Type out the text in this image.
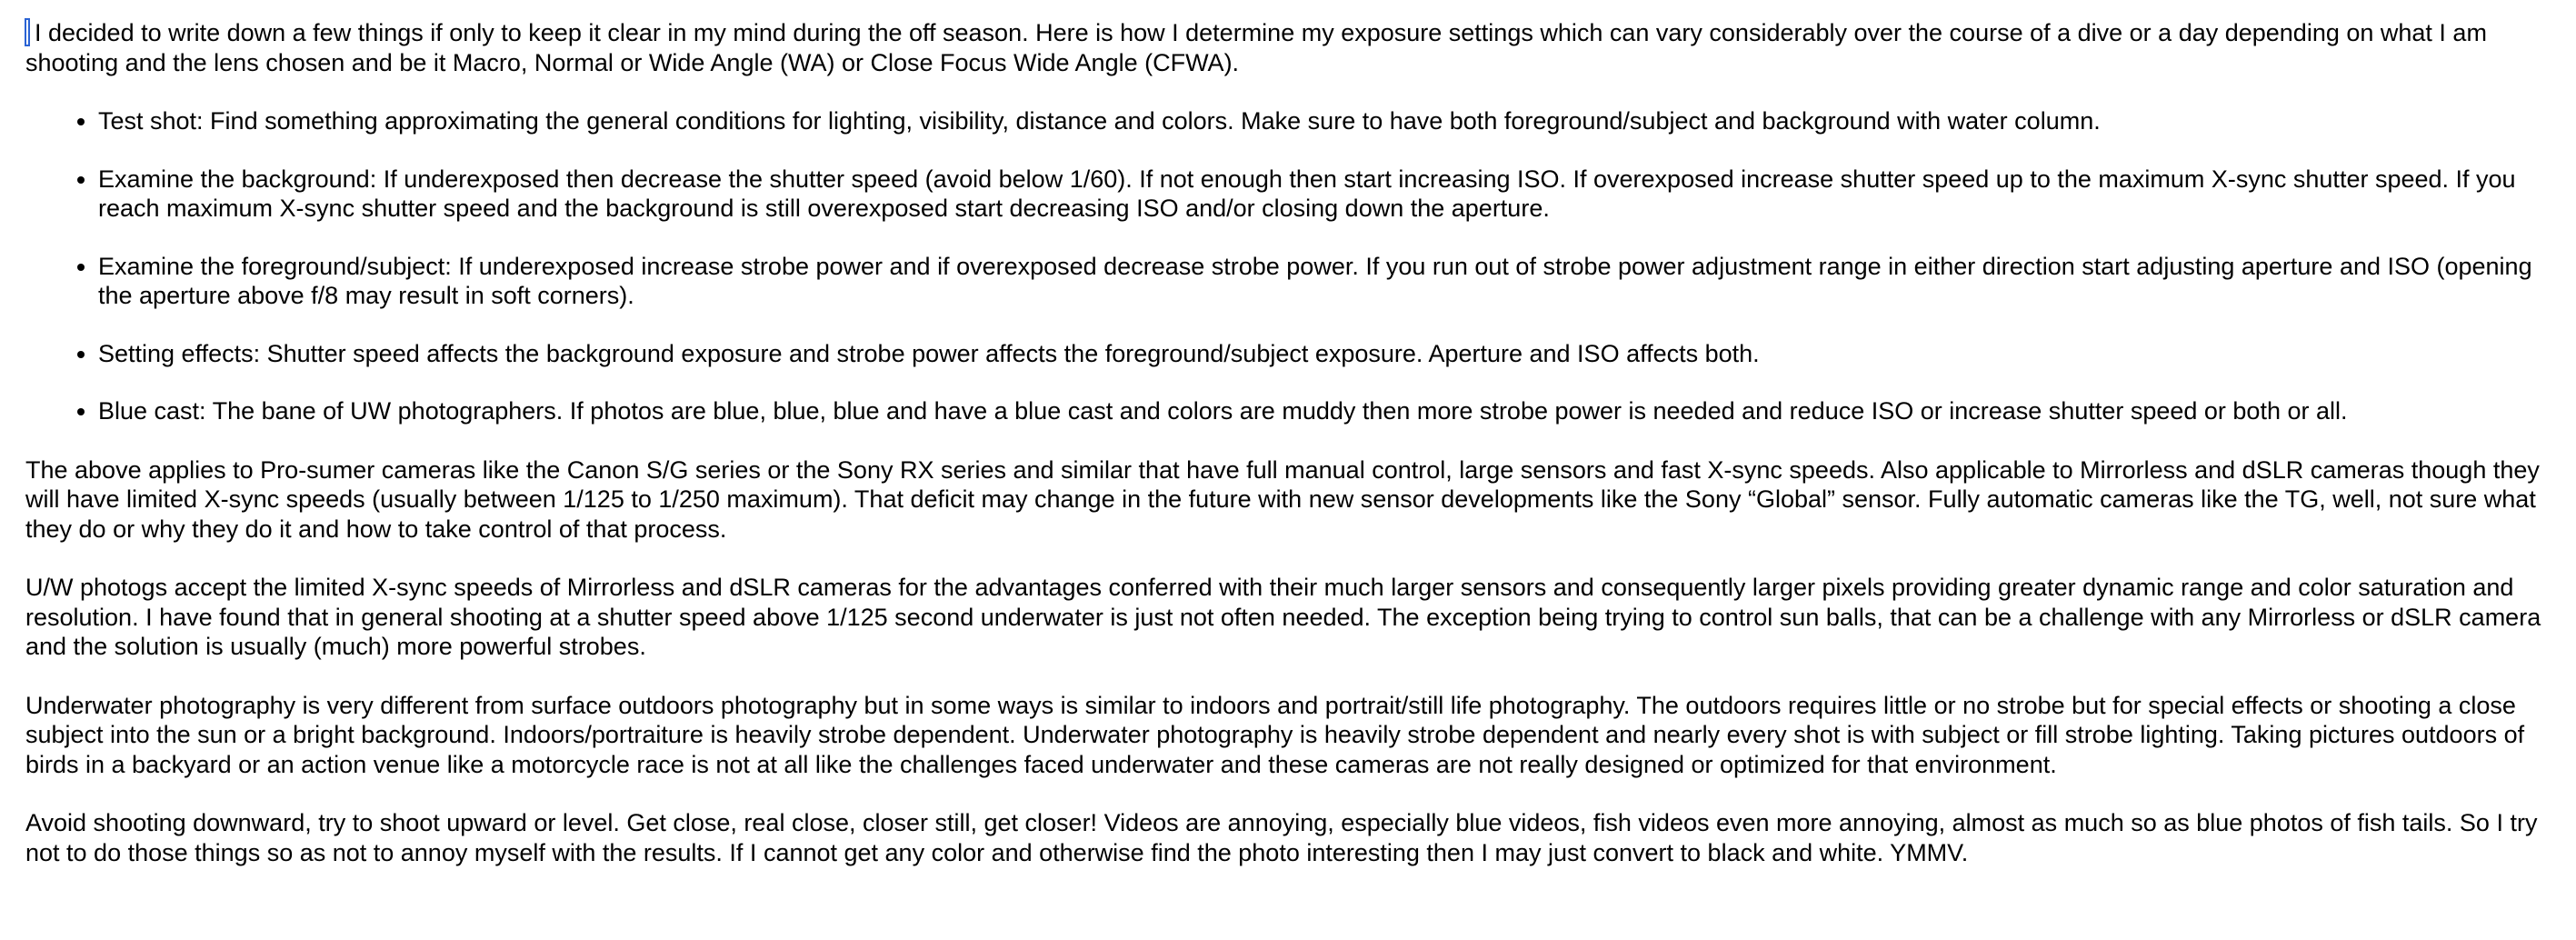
I decided to write down a few things if only to keep it clear in my mind during the off season. Here is how I determine my exposure settings which can vary considerably over the course of a dive or a day depending on what I am shooting and the lens chosen and be it Macro, Normal or Wide Angle (WA) or Close Focus Wide Angle (CFWA).

• Test shot: Find something approximating the general conditions for lighting, visibility, distance and colors. Make sure to have both foreground/subject and background with water column.
• Examine the background: If underexposed then decrease the shutter speed (avoid below 1/60). If not enough then start increasing ISO. If overexposed increase shutter speed up to the maximum X-sync shutter speed. If you reach maximum X-sync shutter speed and the background is still overexposed start decreasing ISO and/or closing down the aperture.
• Examine the foreground/subject: If underexposed increase strobe power and if overexposed decrease strobe power. If you run out of strobe power adjustment range in either direction start adjusting aperture and ISO (opening the aperture above f/8 may result in soft corners).
• Setting effects: Shutter speed affects the background exposure and strobe power affects the foreground/subject exposure. Aperture and ISO affects both.
• Blue cast: The bane of UW photographers. If photos are blue, blue, blue and have a blue cast and colors are muddy then more strobe power is needed and reduce ISO or increase shutter speed or both or all.

The above applies to Pro-sumer cameras like the Canon S/G series or the Sony RX series and similar that have full manual control, large sensors and fast X-sync speeds. Also applicable to Mirrorless and dSLR cameras though they will have limited X-sync speeds (usually between 1/125 to 1/250 maximum). That deficit may change in the future with new sensor developments like the Sony “Global” sensor. Fully automatic cameras like the TG, well, not sure what they do or why they do it and how to take control of that process.

U/W photogs accept the limited X-sync speeds of Mirrorless and dSLR cameras for the advantages conferred with their much larger sensors and consequently larger pixels providing greater dynamic range and color saturation and resolution. I have found that in general shooting at a shutter speed above 1/125 second underwater is just not often needed. The exception being trying to control sun balls, that can be a challenge with any Mirrorless or dSLR camera and the solution is usually (much) more powerful strobes.

Underwater photography is very different from surface outdoors photography but in some ways is similar to indoors and portrait/still life photography. The outdoors requires little or no strobe but for special effects or shooting a close subject into the sun or a bright background. Indoors/portraiture is heavily strobe dependent. Underwater photography is heavily strobe dependent and nearly every shot is with subject or fill strobe lighting. Taking pictures outdoors of birds in a backyard or an action venue like a motorcycle race is not at all like the challenges faced underwater and these cameras are not really designed or optimized for that environment.

Avoid shooting downward, try to shoot upward or level. Get close, real close, closer still, get closer! Videos are annoying, especially blue videos, fish videos even more annoying, almost as much so as blue photos of fish tails. So I try not to do those things so as not to annoy myself with the results. If I cannot get any color and otherwise find the photo interesting then I may just convert to black and white. YMMV.
